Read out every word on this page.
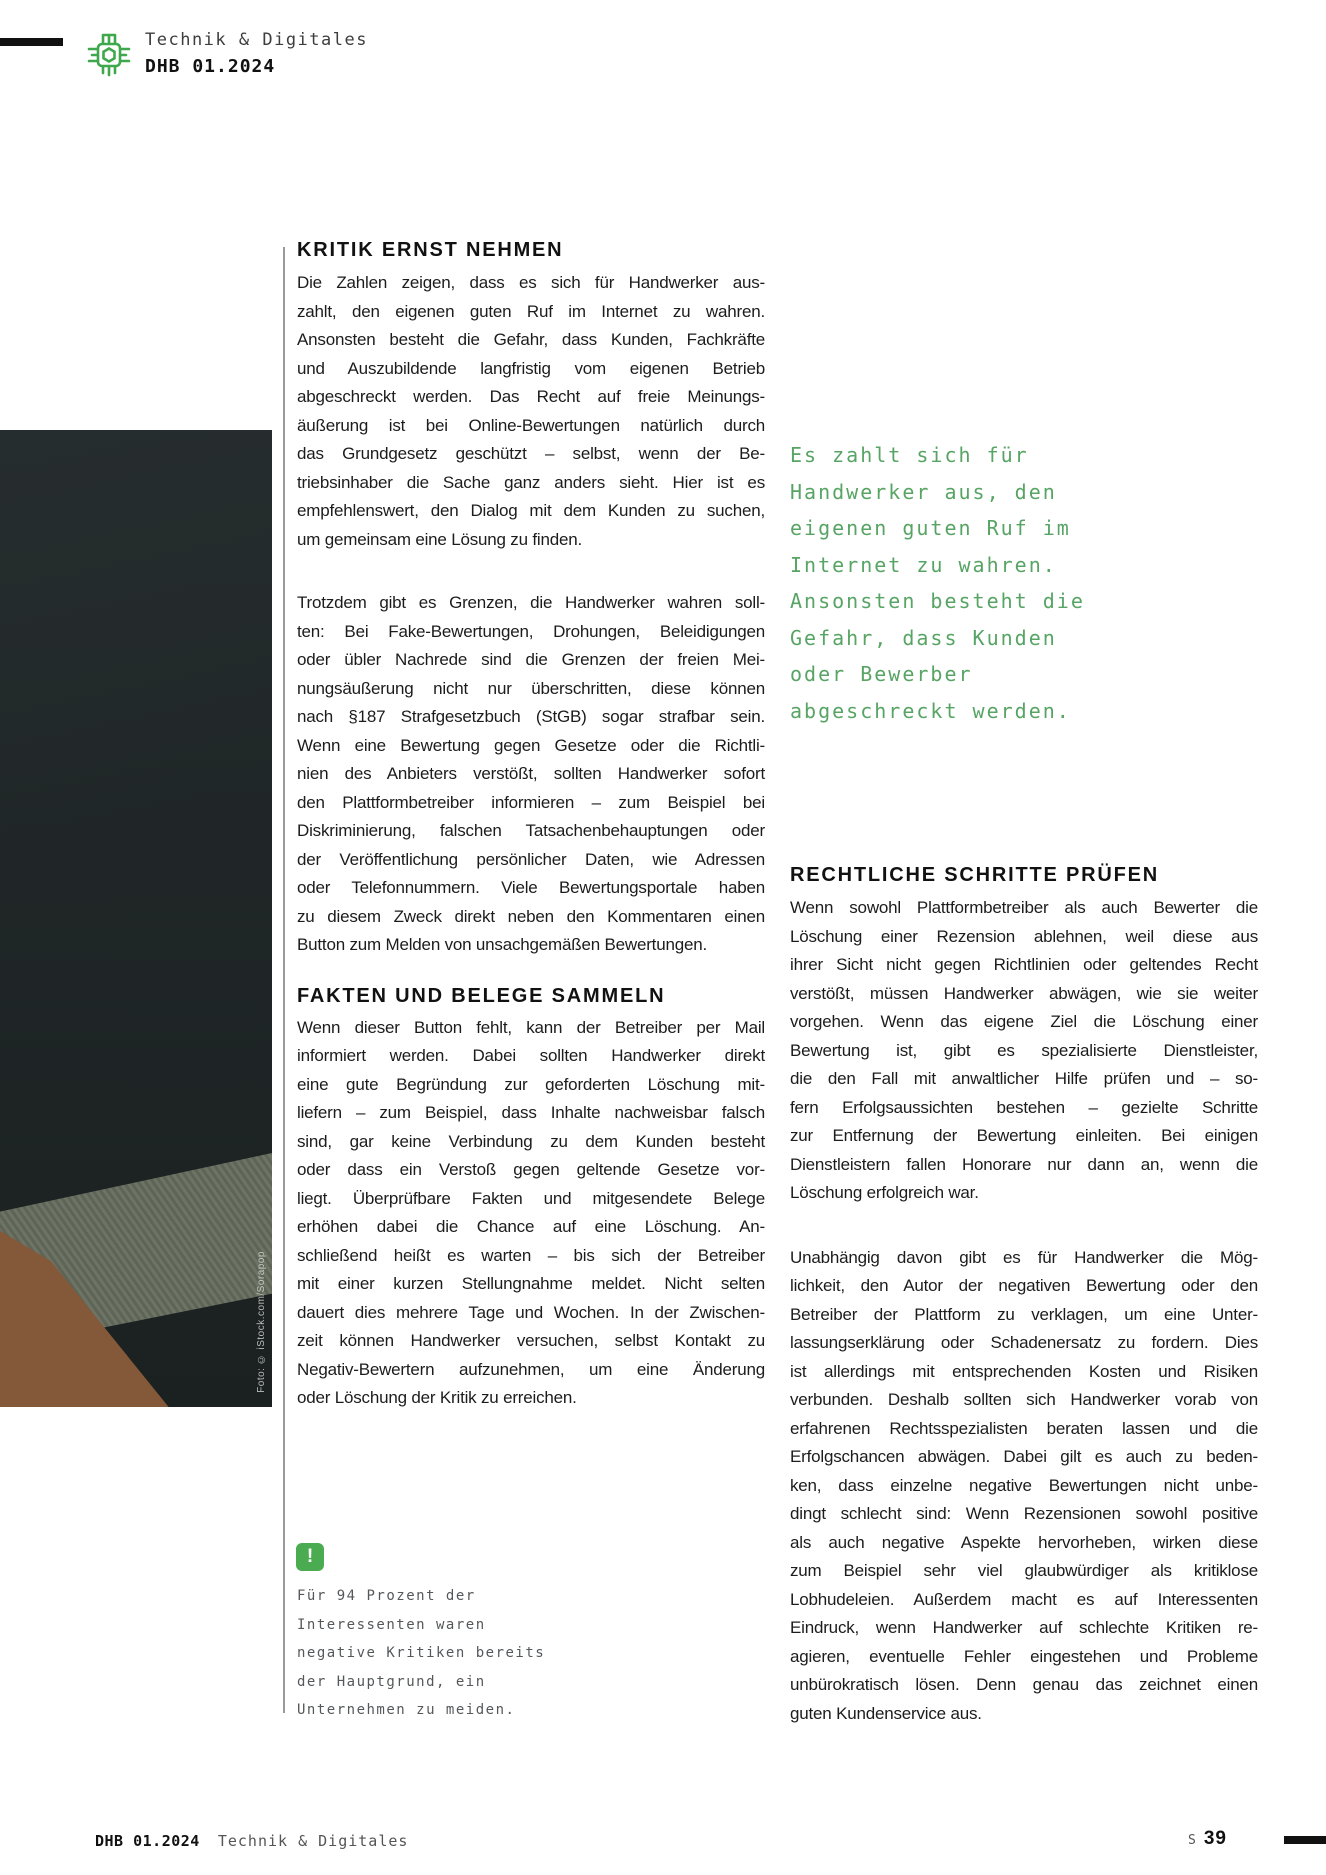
Technik & Digitales
DHB 01.2024
Foto: © iStock.com/Sorapop
KRITIK ERNST NEHMEN
Die Zahlen zeigen, dass es sich für Handwerker aus-
zahlt, den eigenen guten Ruf im Internet zu wahren.
Ansonsten besteht die Gefahr, dass Kunden, Fachkräfte
und Auszubildende langfristig vom eigenen Betrieb
abgeschreckt werden. Das Recht auf freie Meinungs-
äußerung ist bei Online-Bewertungen natürlich durch
das Grundgesetz geschützt – selbst, wenn der Be-
triebsinhaber die Sache ganz anders sieht. Hier ist es
empfehlenswert, den Dialog mit dem Kunden zu suchen,
um gemeinsam eine Lösung zu finden.
Trotzdem gibt es Grenzen, die Handwerker wahren soll-
ten: Bei Fake-Bewertungen, Drohungen, Beleidigungen
oder übler Nachrede sind die Grenzen der freien Mei-
nungsäußerung nicht nur überschritten, diese können
nach §187 Strafgesetzbuch (StGB) sogar strafbar sein.
Wenn eine Bewertung gegen Gesetze oder die Richtli-
nien des Anbieters verstößt, sollten Handwerker sofort
den Plattformbetreiber informieren – zum Beispiel bei
Diskriminierung, falschen Tatsachenbehauptungen oder
der Veröffentlichung persönlicher Daten, wie Adressen
oder Telefonnummern. Viele Bewertungsportale haben
zu diesem Zweck direkt neben den Kommentaren einen
Button zum Melden von unsachgemäßen Bewertungen.
FAKTEN UND BELEGE SAMMELN
Wenn dieser Button fehlt, kann der Betreiber per Mail
informiert werden. Dabei sollten Handwerker direkt
eine gute Begründung zur geforderten Löschung mit-
liefern – zum Beispiel, dass Inhalte nachweisbar falsch
sind, gar keine Verbindung zu dem Kunden besteht
oder dass ein Verstoß gegen geltende Gesetze vor-
liegt. Überprüfbare Fakten und mitgesendete Belege
erhöhen dabei die Chance auf eine Löschung. An-
schließend heißt es warten – bis sich der Betreiber
mit einer kurzen Stellungnahme meldet. Nicht selten
dauert dies mehrere Tage und Wochen. In der Zwischen-
zeit können Handwerker versuchen, selbst Kontakt zu
Negativ-Bewertern aufzunehmen, um eine Änderung
oder Löschung der Kritik zu erreichen.
Es zahlt sich für
Handwerker aus, den
eigenen guten Ruf im
Internet zu wahren.
Ansonsten besteht die
Gefahr, dass Kunden
oder Bewerber
abgeschreckt werden.
RECHTLICHE SCHRITTE PRÜFEN
Wenn sowohl Plattformbetreiber als auch Bewerter die
Löschung einer Rezension ablehnen, weil diese aus
ihrer Sicht nicht gegen Richtlinien oder geltendes Recht
verstößt, müssen Handwerker abwägen, wie sie weiter
vorgehen. Wenn das eigene Ziel die Löschung einer
Bewertung ist, gibt es spezialisierte Dienstleister,
die den Fall mit anwaltlicher Hilfe prüfen und – so-
fern Erfolgsaussichten bestehen – gezielte Schritte
zur Entfernung der Bewertung einleiten. Bei einigen
Dienstleistern fallen Honorare nur dann an, wenn die
Löschung erfolgreich war.
Unabhängig davon gibt es für Handwerker die Mög-
lichkeit, den Autor der negativen Bewertung oder den
Betreiber der Plattform zu verklagen, um eine Unter-
lassungserklärung oder Schadenersatz zu fordern. Dies
ist allerdings mit entsprechenden Kosten und Risiken
verbunden. Deshalb sollten sich Handwerker vorab von
erfahrenen Rechtsspezialisten beraten lassen und die
Erfolgschancen abwägen. Dabei gilt es auch zu beden-
ken, dass einzelne negative Bewertungen nicht unbe-
dingt schlecht sind: Wenn Rezensionen sowohl positive
als auch negative Aspekte hervorheben, wirken diese
zum Beispiel sehr viel glaubwürdiger als kritiklose
Lobhudeleien. Außerdem macht es auf Interessenten
Eindruck, wenn Handwerker auf schlechte Kritiken re-
agieren, eventuelle Fehler eingestehen und Probleme
unbürokratisch lösen. Denn genau das zeichnet einen
guten Kundenservice aus.
!
Für 94 Prozent der
Interessenten waren
negative Kritiken bereits
der Hauptgrund, ein
Unternehmen zu meiden.
DHB 01.2024 Technik & Digitales	S 39
